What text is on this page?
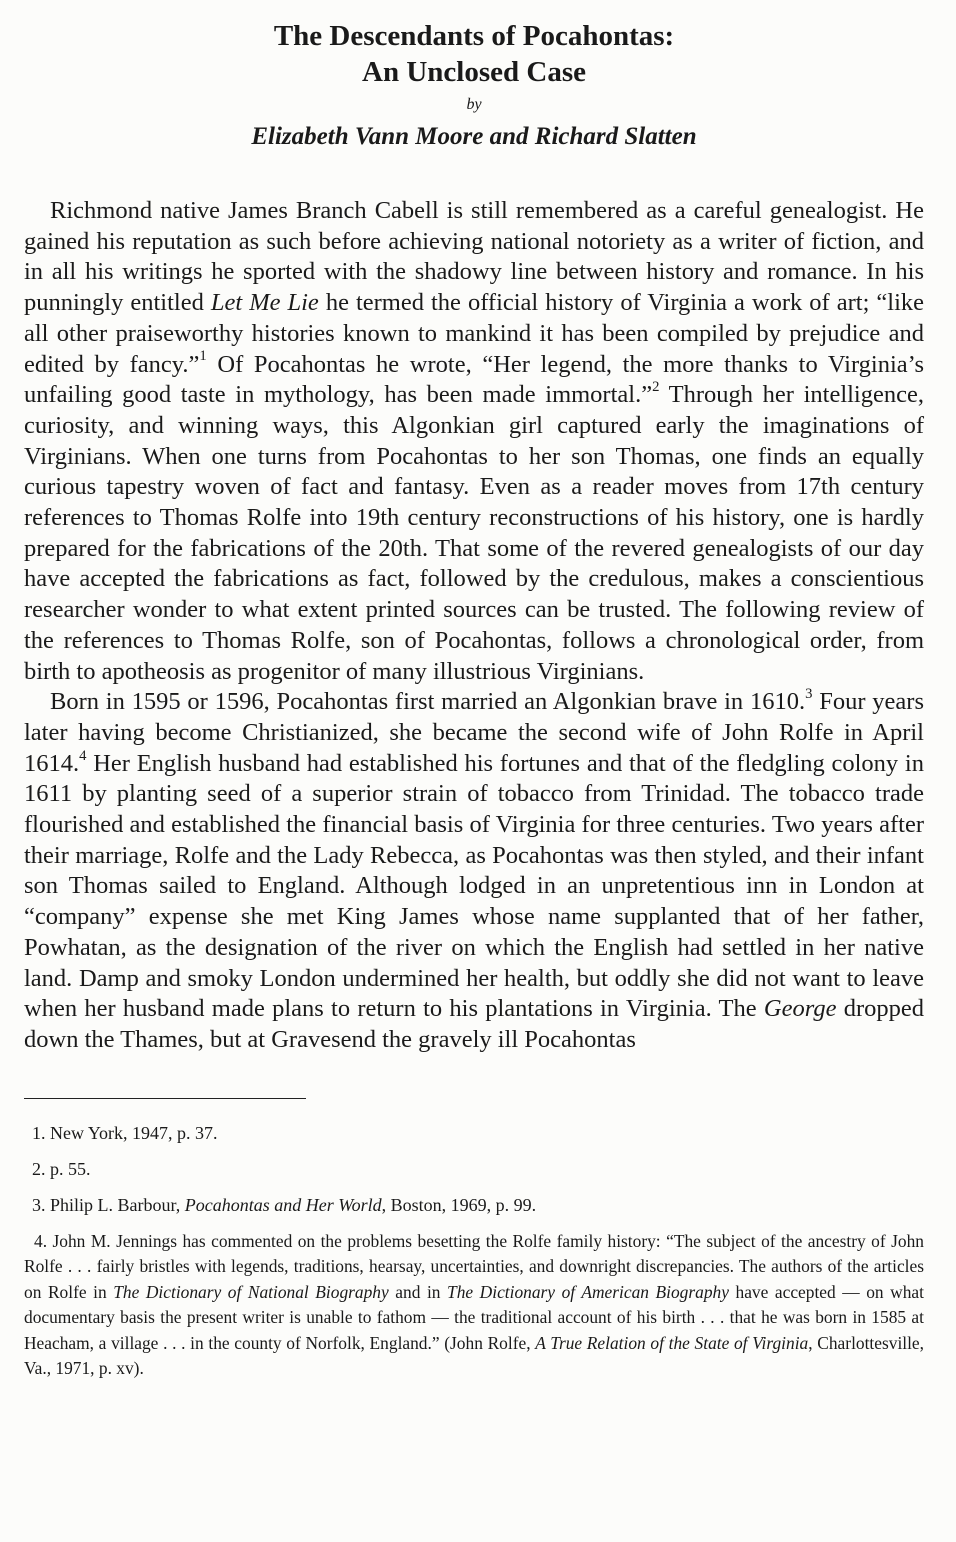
The Descendants of Pocahontas:
An Unclosed Case
by
Elizabeth Vann Moore and Richard Slatten

Richmond native James Branch Cabell is still remembered as a careful genealogist. He gained his reputation as such before achieving national notoriety as a writer of fiction, and in all his writings he sported with the shadowy line between history and romance. In his punningly entitled Let Me Lie he termed the official history of Virginia a work of art; “like all other praiseworthy histories known to mankind it has been compiled by prejudice and edited by fancy.”$^1$ Of Pocahontas he wrote, “Her legend, the more thanks to Virginia’s unfailing good taste in mythology, has been made immortal.”$^2$ Through her intelligence, curiosity, and winning ways, this Algonkian girl captured early the imaginations of Virginians. When one turns from Pocahontas to her son Thomas, one finds an equally curious tapestry woven of fact and fantasy. Even as a reader moves from 17th century references to Thomas Rolfe into 19th century reconstructions of his history, one is hardly prepared for the fabrications of the 20th. That some of the revered genealogists of our day have accepted the fabrications as fact, followed by the credulous, makes a conscientious researcher wonder to what extent printed sources can be trusted. The following review of the references to Thomas Rolfe, son of Pocahontas, follows a chronological order, from birth to apotheosis as progenitor of many illustrious Virginians.

Born in 1595 or 1596, Pocahontas first married an Algonkian brave in 1610.$^3$ Four years later having become Christianized, she became the second wife of John Rolfe in April 1614.$^4$ Her English husband had established his fortunes and that of the fledgling colony in 1611 by planting seed of a superior strain of tobacco from Trinidad. The tobacco trade flourished and established the financial basis of Virginia for three centuries. Two years after their marriage, Rolfe and the Lady Rebecca, as Pocahontas was then styled, and their infant son Thomas sailed to England. Although lodged in an unpretentious inn in London at “company” expense she met King James whose name supplanted that of her father, Powhatan, as the designation of the river on which the English had settled in her native land. Damp and smoky London undermined her health, but oddly she did not want to leave when her husband made plans to return to his plantations in Virginia. The George dropped down the Thames, but at Gravesend the gravely ill Pocahontas

1. New York, 1947, p. 37.
2. p. 55.
3. Philip L. Barbour, Pocahontas and Her World, Boston, 1969, p. 99.
4. John M. Jennings has commented on the problems besetting the Rolfe family history: “The subject of the ancestry of John Rolfe . . . fairly bristles with legends, traditions, hearsay, uncertainties, and downright discrepancies. The authors of the articles on Rolfe in The Dictionary of National Biography and in The Dictionary of American Biography have accepted — on what documentary basis the present writer is unable to fathom — the traditional account of his birth . . . that he was born in 1585 at Heacham, a village . . . in the county of Norfolk, England.” (John Rolfe, A True Relation of the State of Virginia, Charlottesville, Va., 1971, p. xv).
